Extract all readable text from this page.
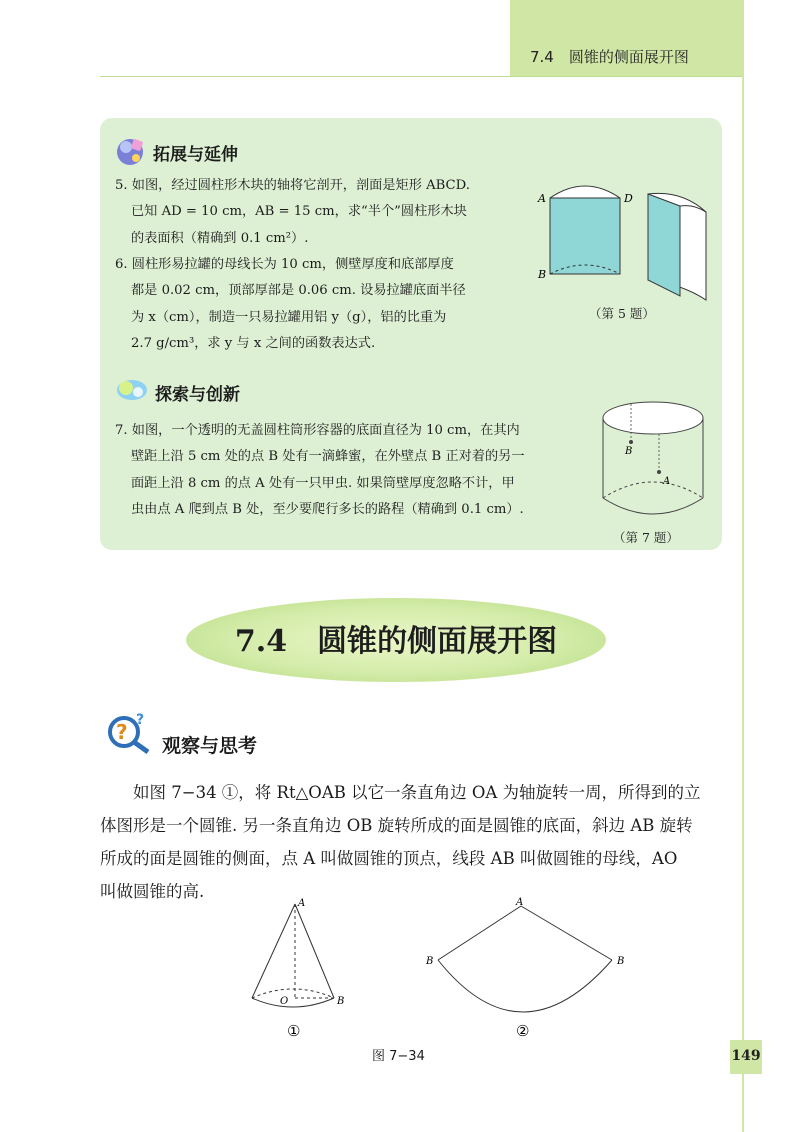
7.4　圆锥的侧面展开图
拓展与延伸
5. 如图，经过圆柱形木块的轴将它剖开，剖面是矩形 ABCD.
已知 AD = 10 cm，AB = 15 cm，求“半个”圆柱形木块
的表面积（精确到 0.1 cm²）.
6. 圆柱形易拉罐的母线长为 10 cm，侧壁厚度和底部厚度
都是 0.02 cm，顶部厚部是 0.06 cm. 设易拉罐底面半径
为 x（cm），制造一只易拉罐用铝 y（g），铝的比重为
2.7 g/cm³，求 y 与 x 之间的函数表达式.
A
B
D
（第 5 题）
探索与创新
7. 如图，一个透明的无盖圆柱筒形容器的底面直径为 10 cm，在其内
壁距上沿 5 cm 处的点 B 处有一滴蜂蜜，在外壁点 B 正对着的另一
面距上沿 8 cm 的点 A 处有一只甲虫. 如果筒壁厚度忽略不计，甲
虫由点 A 爬到点 B 处，至少要爬行多长的路程（精确到 0.1 cm）.
B
A
（第 7 题）
7.4　圆锥的侧面展开图
? ?
观察与思考
　　如图 7−34 ①，将 Rt△OAB 以它一条直角边 OA 为轴旋转一周，所得到的立
体图形是一个圆锥. 另一条直角边 OB 旋转所成的面是圆锥的底面，斜边 AB 旋转
所成的面是圆锥的侧面，点 A 叫做圆锥的顶点，线段 AB 叫做圆锥的母线，AO
叫做圆锥的高.
A
O	B
①
A
B	B
②
图 7−34	149
